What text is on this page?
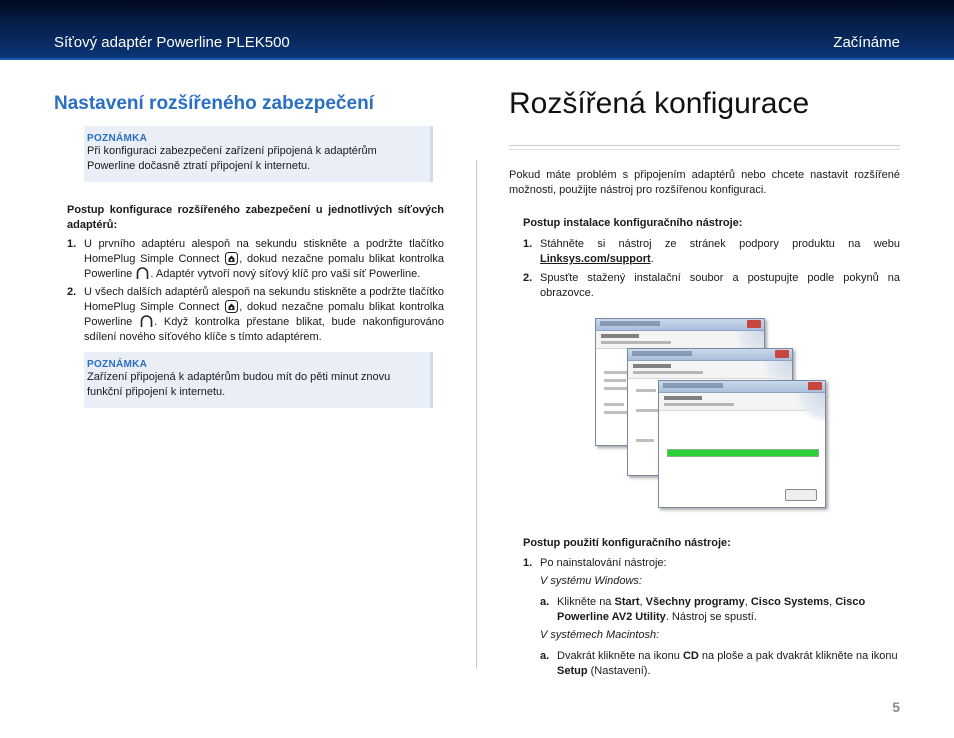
Síťový adaptér Powerline PLEK500	Začínáme
Nastavení rozšířeného zabezpečení
POZNÁMKA
Při konfiguraci zabezpečení zařízení připojená k adaptérům
Powerline dočasně ztratí připojení k internetu.
Postup konfigurace rozšířeného zabezpečení u jednotlivých síťových adaptérů:
1. U prvního adaptéru alespoň na sekundu stiskněte a podržte tlačítko HomePlug Simple Connect , dokud nezačne pomalu blikat kontrolka Powerline . Adaptér vytvoří nový síťový klíč pro vaši síť Powerline.
2. U všech dalších adaptérů alespoň na sekundu stiskněte a podržte tlačítko HomePlug Simple Connect , dokud nezačne pomalu blikat kontrolka Powerline . Když kontrolka přestane blikat, bude nakonfigurováno sdílení nového síťového klíče s tímto adaptérem.
POZNÁMKA
Zařízení připojená k adaptérům budou mít do pěti minut znovu
funkční připojení k internetu.
Rozšířená konfigurace
Pokud máte problém s připojením adaptérů nebo chcete nastavit rozšířené možnosti, použijte nástroj pro rozšířenou konfiguraci.
Postup instalace konfiguračního nástroje:
1. Stáhněte si nástroj ze stránek podpory produktu na webu Linksys.com/support.
2. Spusťte stažený instalační soubor a postupujte podle pokynů na obrazovce.
Postup použití konfiguračního nástroje:
1. Po nainstalování nástroje:
V systému Windows:
a. Klikněte na Start, Všechny programy, Cisco Systems, Cisco Powerline AV2 Utility. Nástroj se spustí.
V systémech Macintosh:
a. Dvakrát klikněte na ikonu CD na ploše a pak dvakrát klikněte na ikonu Setup (Nastavení).
5
